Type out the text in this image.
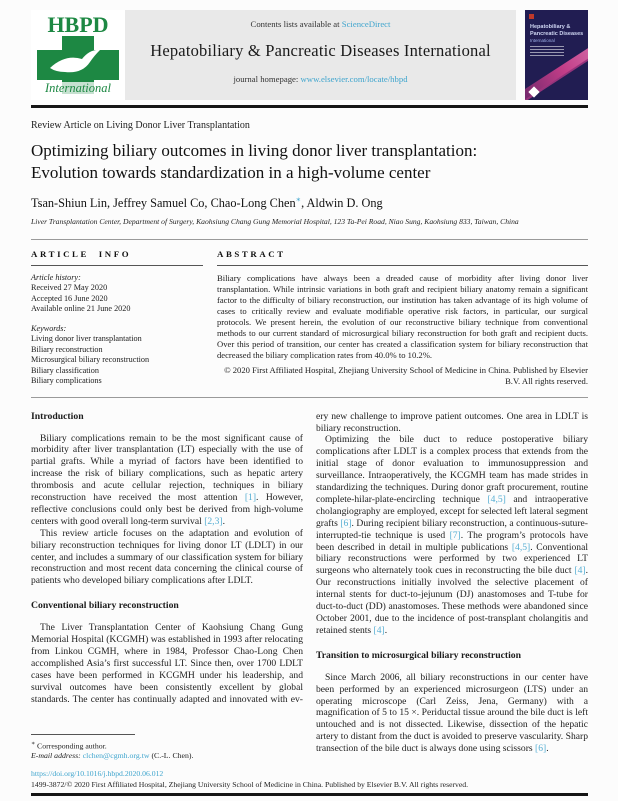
HBPD
International
Contents lists available at ScienceDirect
Hepatobiliary & Pancreatic Diseases International
journal homepage: www.elsevier.com/locate/hbpd
Hepatobiliary &
Pancreatic Diseases
International
Review Article on Living Donor Liver Transplantation
Optimizing biliary outcomes in living donor liver transplantation:
Evolution towards standardization in a high-volume center
Tsan-Shiun Lin, Jeffrey Samuel Co, Chao-Long Chen∗, Aldwin D. Ong
Liver Transplantation Center, Department of Surgery, Kaohsiung Chang Gung Memorial Hospital, 123 Ta-Pei Road, Niao Sung, Kaohsiung 833, Taiwan, China
ARTICLE INFO
Article history:
Received 27 May 2020
Accepted 16 June 2020
Available online 21 June 2020
Keywords:
Living donor liver transplantation
Biliary reconstruction
Microsurgical biliary reconstruction
Biliary classification
Biliary complications
ABSTRACT
Biliary complications have always been a dreaded cause of morbidity after living donor liver transplantation. While intrinsic variations in both graft and recipient biliary anatomy remain a significant factor to the difficulty of biliary reconstruction, our institution has taken advantage of its high volume of cases to critically review and evaluate modifiable operative risk factors, in particular, our surgical protocols. We present herein, the evolution of our reconstructive biliary technique from conventional methods to our current standard of microsurgical biliary reconstruction for both graft and recipient ducts. Over this period of transition, our center has created a classification system for biliary reconstruction that decreased the biliary complication rates from 40.0% to 10.2%.
© 2020 First Affiliated Hospital, Zhejiang University School of Medicine in China. Published by Elsevier
B.V. All rights reserved.
Introduction

Biliary complications remain to be the most significant cause of morbidity after liver transplantation (LT) especially with the use of partial grafts. While a myriad of factors have been identified to increase the risk of biliary complications, such as hepatic artery thrombosis and acute cellular rejection, techniques in biliary reconstruction have received the most attention [1]. However, reflective conclusions could only best be derived from high-volume centers with good overall long-term survival [2,3].

This review article focuses on the adaptation and evolution of biliary reconstruction techniques for living donor LT (LDLT) in our center, and includes a summary of our classification system for biliary reconstruction and most recent data concerning the clinical course of patients who developed biliary complications after LDLT.

Conventional biliary reconstruction

The Liver Transplantation Center of Kaohsiung Chang Gung Memorial Hospital (KCGMH) was established in 1993 after relocating from Linkou CGMH, where in 1984, Professor Chao-Long Chen accomplished Asia’s first successful LT. Since then, over 1700 LDLT cases have been performed in KCGMH under his leadership, and survival outcomes have been consistently excellent by global standards. The center has continually adapted and innovated with ev-

∗ Corresponding author.
E-mail address: clchen@cgmh.org.tw (C.-L. Chen).

ery new challenge to improve patient outcomes. One area in LDLT is biliary reconstruction.

Optimizing the bile duct to reduce postoperative biliary complications after LDLT is a complex process that extends from the initial stage of donor evaluation to immunosuppression and surveillance. Intraoperatively, the KCGMH team has made strides in standardizing the techniques. During donor graft procurement, routine complete-hilar-plate-encircling technique [4,5] and intraoperative cholangiography are employed, except for selected left lateral segment grafts [6]. During recipient biliary reconstruction, a continuous-suture-interrupted-tie technique is used [7]. The program’s protocols have been described in detail in multiple publications [4,5]. Conventional biliary reconstructions were performed by two experienced LT surgeons who alternately took cues in reconstructing the bile duct [4]. Our reconstructions initially involved the selective placement of internal stents for duct-to-jejunum (DJ) anastomoses and T-tube for duct-to-duct (DD) anastomoses. These methods were abandoned since October 2001, due to the incidence of post-transplant cholangitis and retained stents [4].

Transition to microsurgical biliary reconstruction

Since March 2006, all biliary reconstructions in our center have been performed by an experienced microsurgeon (LTS) under an operating microscope (Carl Zeiss, Jena, Germany) with a magnification of 5 to 15 ×. Periductal tissue around the bile duct is left untouched and is not dissected. Likewise, dissection of the hepatic artery to distant from the duct is avoided to preserve vascularity. Sharp transection of the bile duct is always done using scissors [6].

https://doi.org/10.1016/j.hbpd.2020.06.012
1499-3872/© 2020 First Affiliated Hospital, Zhejiang University School of Medicine in China. Published by Elsevier B.V. All rights reserved.
